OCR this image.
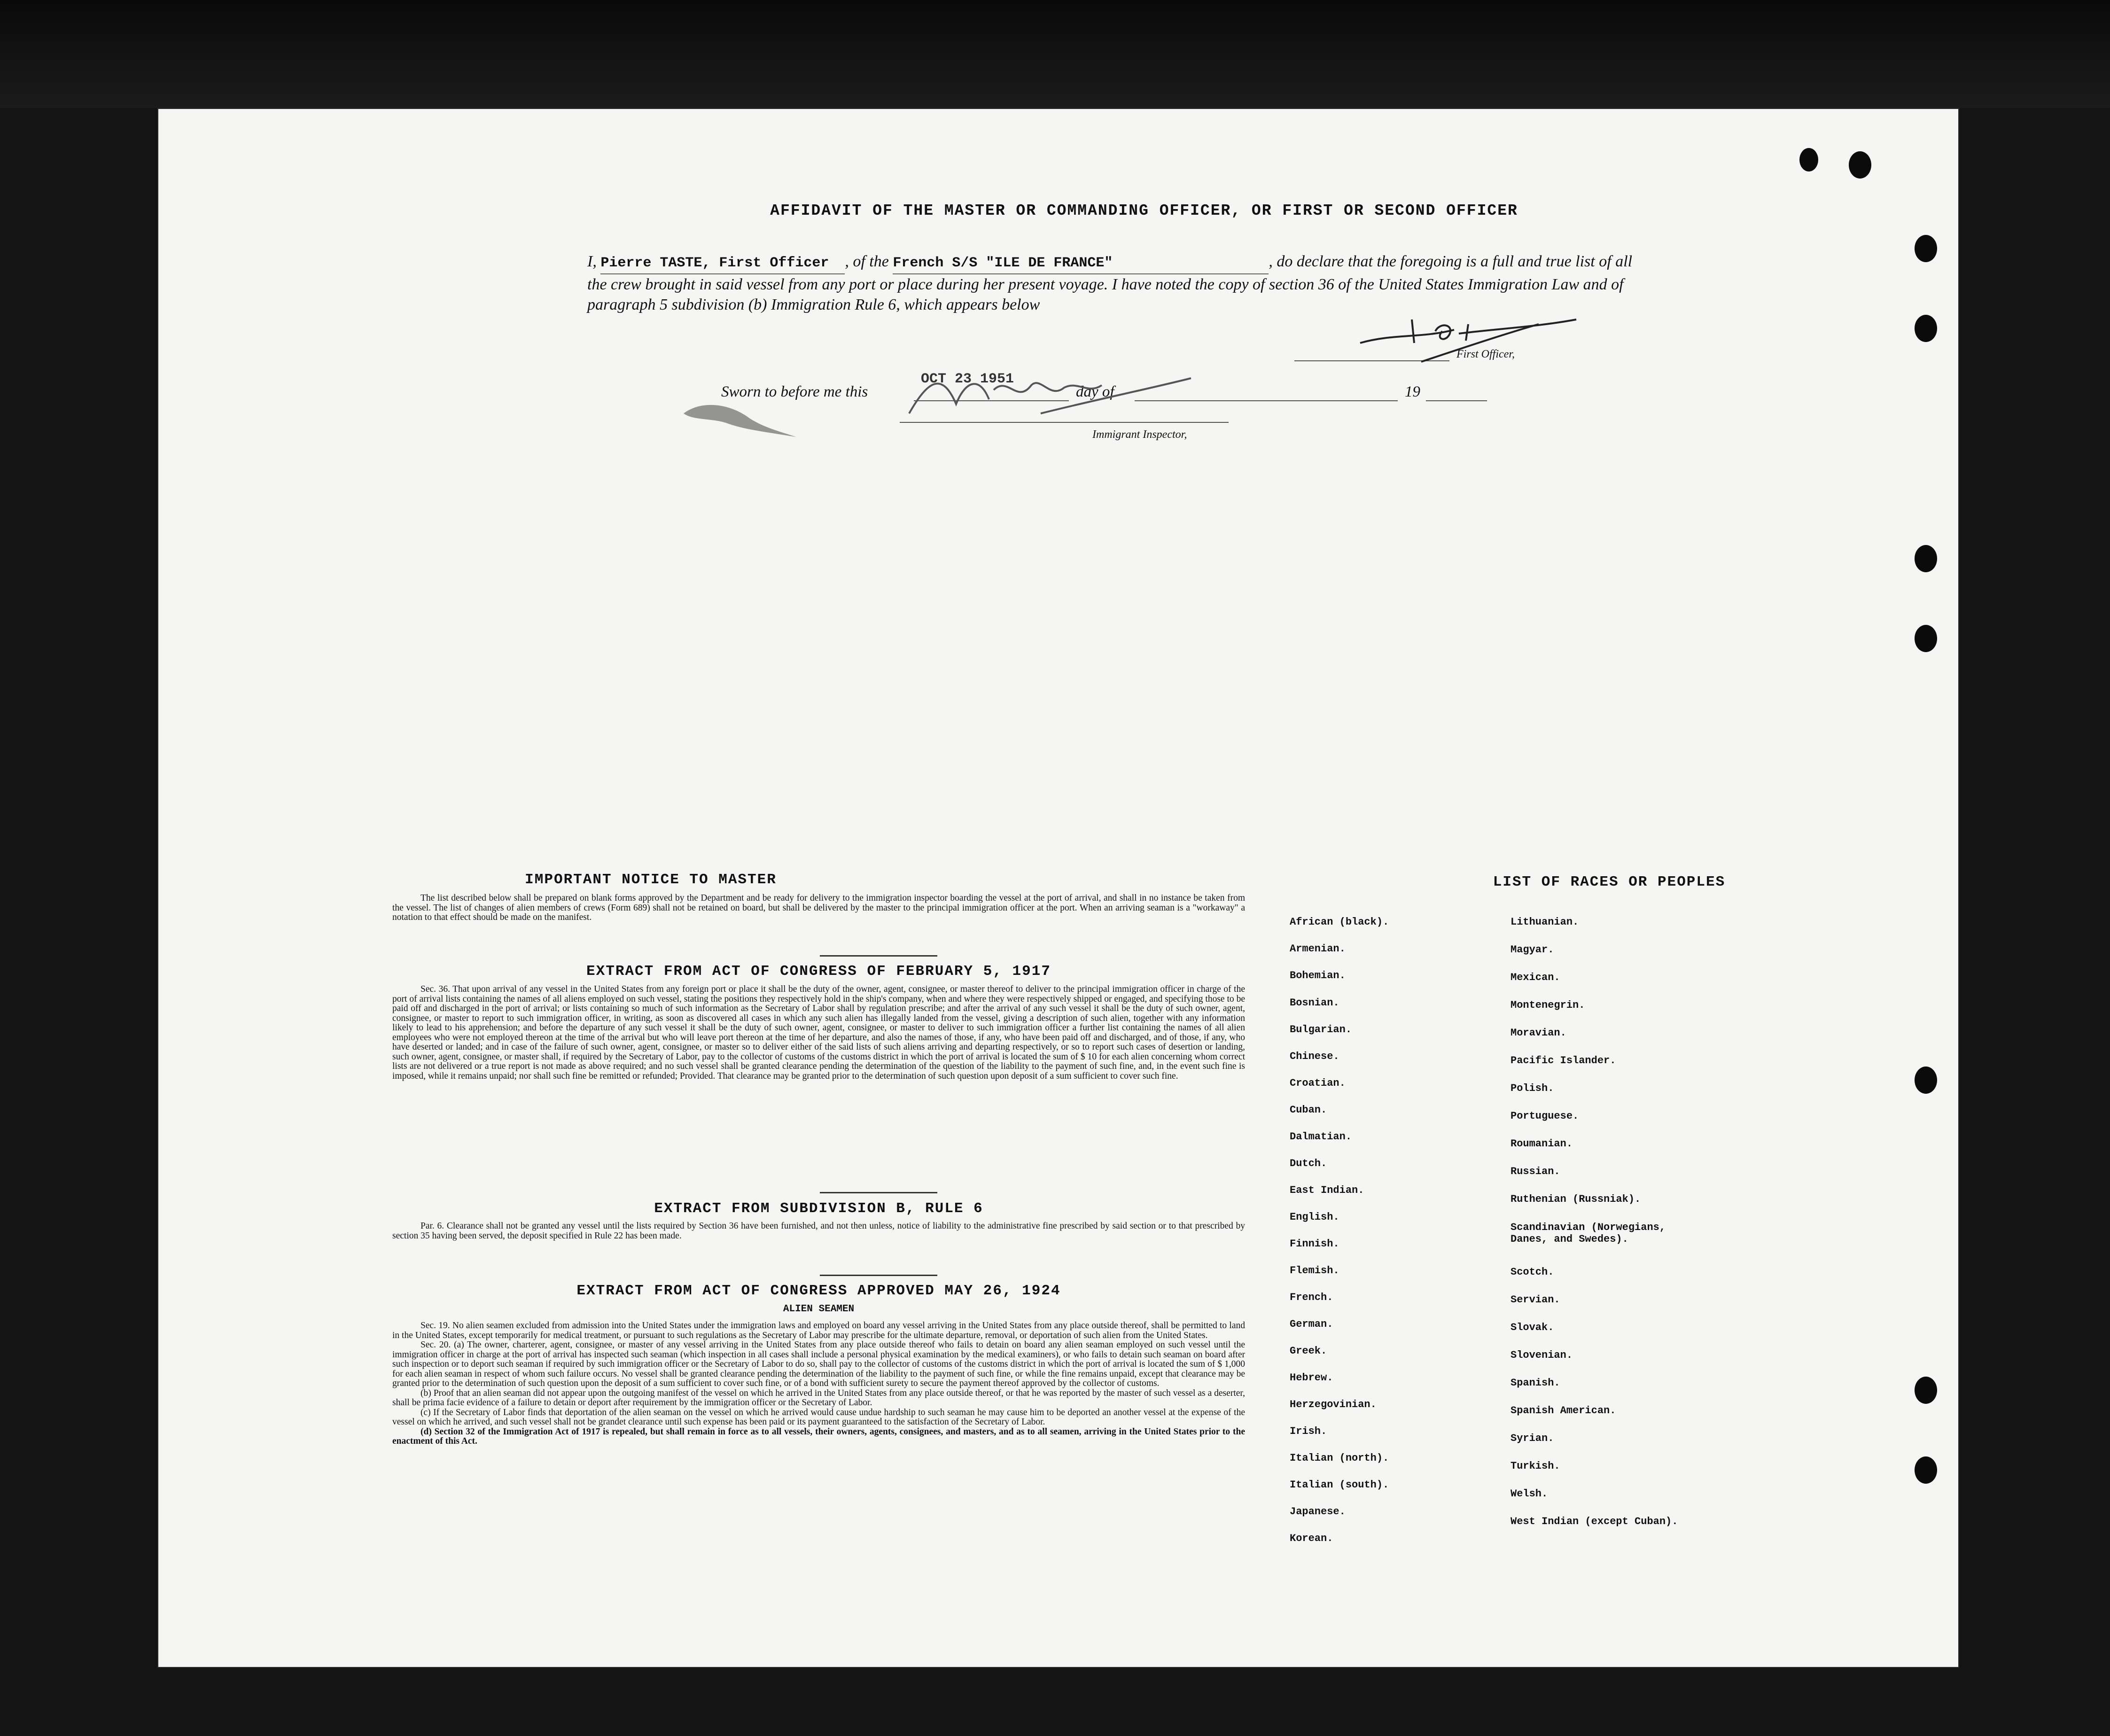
AFFIDAVIT OF THE MASTER OR COMMANDING OFFICER, OR FIRST OR SECOND OFFICER
I, Pierre TASTE, First Officer , of the French S/S "ILE DE FRANCE"	, do declare that the foregoing is a full and true list of all the crew brought in said vessel from any port or place during her present voyage. I have noted the copy of section 36 of the United States Immigration Law and of paragraph 5 subdivision (b) Immigration Rule 6, which appears below
First Officer,
Sworn to before me this
OCT 23 1951
day of	19
Immigrant Inspector,
IMPORTANT NOTICE TO MASTER
The list described below shall be prepared on blank forms approved by the Department and be ready for delivery to the immigration inspector boarding the vessel at the port of arrival, and shall in no instance be taken from the vessel. The list of changes of alien members of crews (Form 689) shall not be retained on board, but shall be delivered by the master to the principal immigration officer at the port. When an arriving seaman is a "workaway" a notation to that effect should be made on the manifest.
EXTRACT FROM ACT OF CONGRESS OF FEBRUARY 5, 1917
Sec. 36. That upon arrival of any vessel in the United States from any foreign port or place it shall be the duty of the owner, agent, consignee, or master thereof to deliver to the principal immigration officer in charge of the port of arrival lists containing the names of all aliens employed on such vessel, stating the positions they respectively hold in the ship's company, when and where they were respectively shipped or engaged, and specifying those to be paid off and discharged in the port of arrival; or lists containing so much of such information as the Secretary of Labor shall by regulation prescribe; and after the arrival of any such vessel it shall be the duty of such owner, agent, consignee, or master to report to such immigration officer, in writing, as soon as discovered all cases in which any such alien has illegally landed from the vessel, giving a description of such alien, together with any information likely to lead to his apprehension; and before the departure of any such vessel it shall be the duty of such owner, agent, consignee, or master to deliver to such immigration officer a further list containing the names of all alien employees who were not employed thereon at the time of the arrival but who will leave port thereon at the time of her departure, and also the names of those, if any, who have been paid off and discharged, and of those, if any, who have deserted or landed; and in case of the failure of such owner, agent, consignee, or master so to deliver either of the said lists of such aliens arriving and departing respectively, or so to report such cases of desertion or landing, such owner, agent, consignee, or master shall, if required by the Secretary of Labor, pay to the collector of customs of the customs district in which the port of arrival is located the sum of $ 10 for each alien concerning whom correct lists are not delivered or a true report is not made as above required; and no such vessel shall be granted clearance pending the determination of the question of the liability to the payment of such fine, and, in the event such fine is imposed, while it remains unpaid; nor shall such fine be remitted or refunded; Provided. That clearance may be granted prior to the determination of such question upon deposit of a sum sufficient to cover such fine.
EXTRACT FROM SUBDIVISION B, RULE 6
Par. 6. Clearance shall not be granted any vessel until the lists required by Section 36 have been furnished, and not then unless, notice of liability to the administrative fine prescribed by said section or to that prescribed by section 35 having been served, the deposit specified in Rule 22 has been made.
EXTRACT FROM ACT OF CONGRESS APPROVED MAY 26, 1924
ALIEN SEAMEN
Sec. 19. No alien seamen excluded from admission into the United States under the immigration laws and employed on board any vessel arriving in the United States from any place outside thereof, shall be permitted to land in the United States, except temporarily for medical treatment, or pursuant to such regulations as the Secretary of Labor may prescribe for the ultimate departure, removal, or deportation of such alien from the United States.
Sec. 20. (a) The owner, charterer, agent, consignee, or master of any vessel arriving in the United States from any place outside thereof who fails to detain on board any alien seaman employed on such vessel until the immigration officer in charge at the port of arrival has inspected such seaman (which inspection in all cases shall include a personal physical examination by the medical examiners), or who fails to detain such seaman on board after such inspection or to deport such seaman if required by such immigration officer or the Secretary of Labor to do so, shall pay to the collector of customs of the customs district in which the port of arrival is located the sum of $ 1,000 for each alien seaman in respect of whom such failure occurs. No vessel shall be granted clearance pending the determination of the liability to the payment of such fine, or while the fine remains unpaid, except that clearance may be granted prior to the determination of such question upon the deposit of a sum sufficient to cover such fine, or of a bond with sufficient surety to secure the payment thereof approved by the collector of customs.
(b) Proof that an alien seaman did not appear upon the outgoing manifest of the vessel on which he arrived in the United States from any place outside thereof, or that he was reported by the master of such vessel as a deserter, shall be prima facie evidence of a failure to detain or deport after requirement by the immigration officer or the Secretary of Labor.
(c) If the Secretary of Labor finds that deportation of the alien seaman on the vessel on which he arrived would cause undue hardship to such seaman he may cause him to be deported an another vessel at the expense of the vessel on which he arrived, and such vessel shall not be grandet clearance until such expense has been paid or its payment guaranteed to the satisfaction of the Secretary of Labor.
(d) Section 32 of the Immigration Act of 1917 is repealed, but shall remain in force as to all vessels, their owners, agents, consignees, and masters, and as to all seamen, arriving in the United States prior to the enactment of this Act.
LIST OF RACES OR PEOPLES
African (black).
Armenian.
Bohemian.
Bosnian.
Bulgarian.
Chinese.
Croatian.
Cuban.
Dalmatian.
Dutch.
East Indian.
English.
Finnish.
Flemish.
French.
German.
Greek.
Hebrew.
Herzegovinian.
Irish.
Italian (north).
Italian (south).
Japanese.
Korean.
Lithuanian.
Magyar.
Mexican.
Montenegrin.
Moravian.
Pacific Islander.
Polish.
Portuguese.
Roumanian.
Russian.
Ruthenian (Russniak).
Scandinavian (Norwegians, Danes, and Swedes).
Scotch.
Servian.
Slovak.
Slovenian.
Spanish.
Spanish American.
Syrian.
Turkish.
Welsh.
West Indian (except Cuban).
